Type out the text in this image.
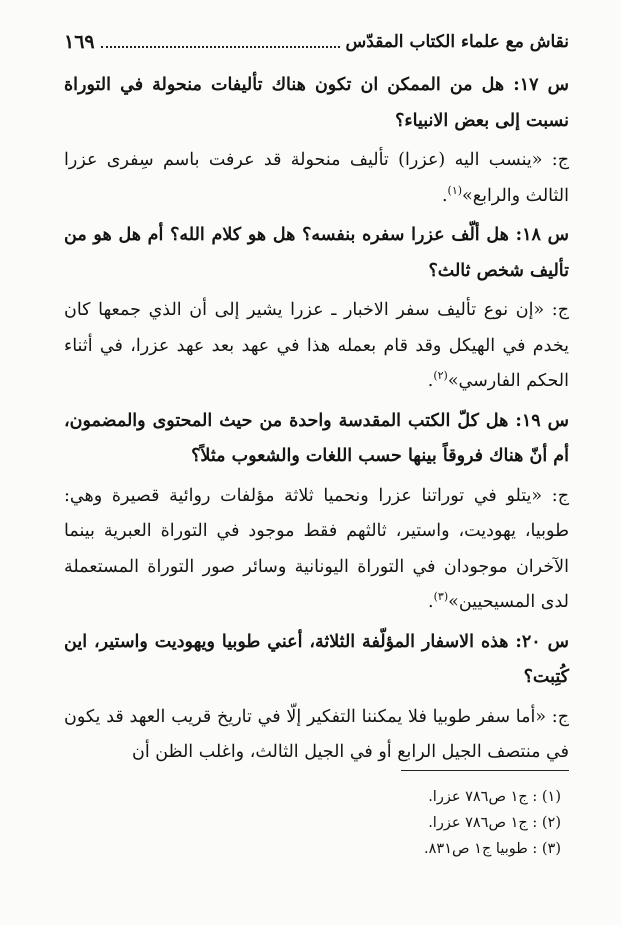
نقاش مع علماء الكتاب المقدّس
١٦٩

س ١٧: هل من الممكن ان تكون هناك تأليفات منحولة في التوراة نسبت إلى بعض الانبياء؟

ج: «ينسب اليه (عزرا) تأليف منحولة قد عرفت باسم سِفرى عزرا الثالث والرابع»$^{(١)}$.

س ١٨: هل ألّف عزرا سفره بنفسه؟ هل هو كلام الله؟ أم هل هو من تأليف شخص ثالث؟

ج: «إن نوع تأليف سفر الاخبار ـ عزرا يشير إلى أن الذي جمعها كان يخدم في الهيكل وقد قام بعمله هذا في عهد بعد عهد عزرا، في أثناء الحكم الفارسي»$^{(٢)}$.

س ١٩: هل كلّ الكتب المقدسة واحدة من حيث المحتوى والمضمون، أم أنّ هناك فروقاً بينها حسب اللغات والشعوب مثلاً؟

ج: «يتلو في توراتنا عزرا ونحميا ثلاثة مؤلفات روائية قصيرة وهي: طوبيا، يهوديت، واستير، ثالثهم فقط موجود في التوراة العبرية بينما الآخران موجودان في التوراة اليونانية وسائر صور التوراة المستعملة لدى المسيحيين»$^{(٣)}$.

س ٢٠: هذه الاسفار المؤلّفة الثلاثة، أعني طوبيا ويهوديت واستير، اين كُتِبت؟

ج: «أما سفر طوبيا فلا يمكننا التفكير إلّا في تاريخ قريب العهد قد يكون في منتصف الجيل الرابع أو في الجيل الثالث، واغلب الظن أن

(١) : ج١ ص٧٨٦ عزرا.
(٢) : ج١ ص٧٨٦ عزرا.
(٣) : طوبيا ج١ ص٨٣١.
